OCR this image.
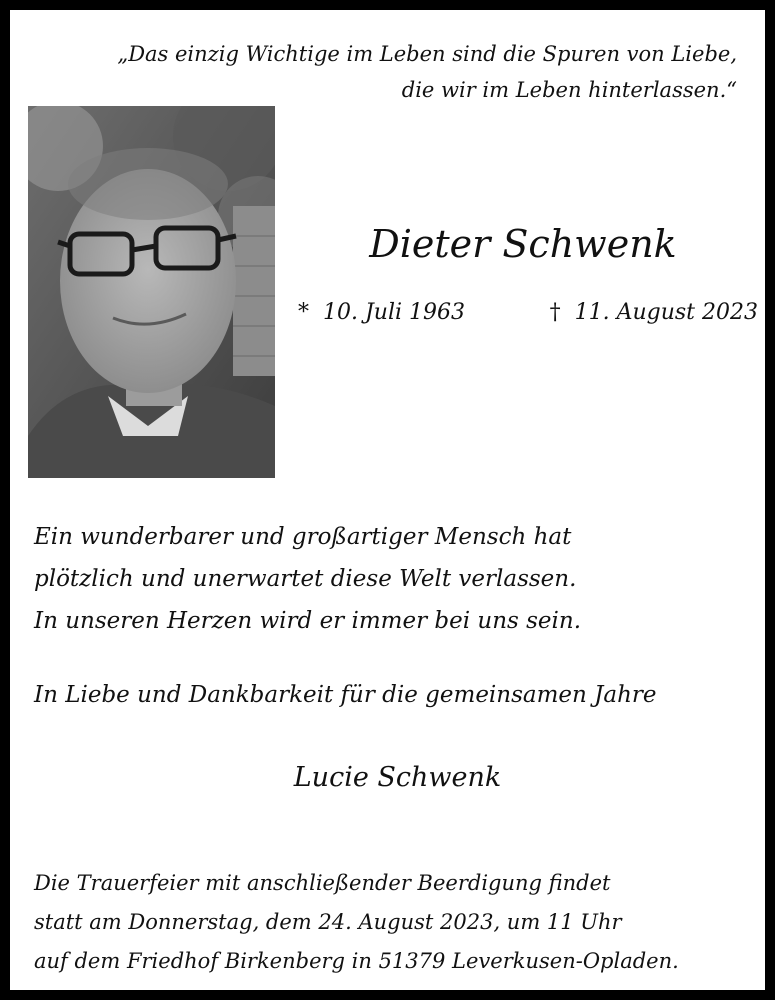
„Das einzig Wichtige im Leben sind die Spuren von Liebe,
die wir im Leben hinterlassen.“
Dieter Schwenk
* 10. Juli 1963	† 11. August 2023
Ein wunderbarer und großartiger Mensch hat
plötzlich und unerwartet diese Welt verlassen.
In unseren Herzen wird er immer bei uns sein.
In Liebe und Dankbarkeit für die gemeinsamen Jahre
Lucie Schwenk
Die Trauerfeier mit anschließender Beerdigung findet
statt am Donnerstag, dem 24. August 2023, um 11 Uhr
auf dem Friedhof Birkenberg in 51379 Leverkusen-Opladen.
